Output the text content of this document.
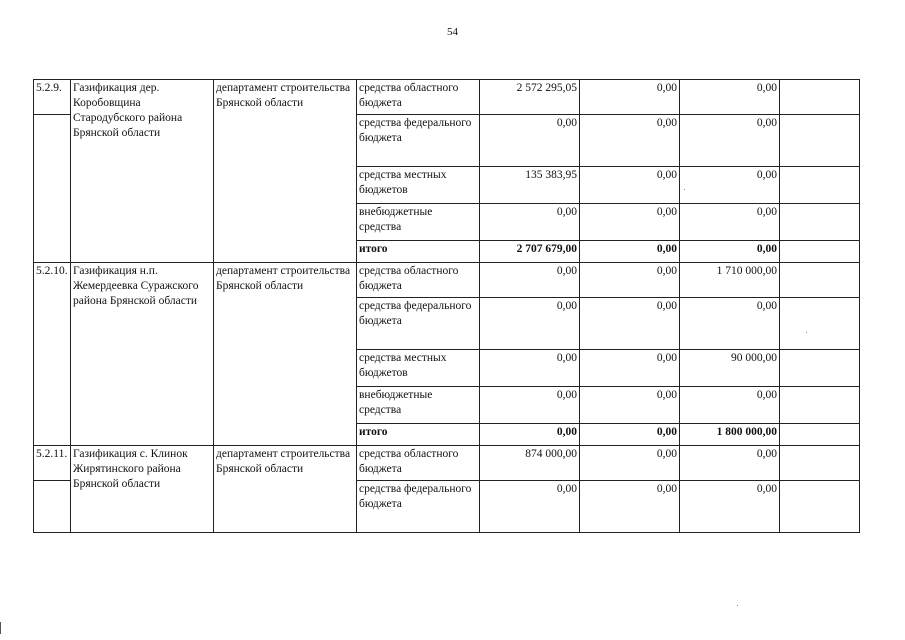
54
5.2.9.	Газификация дер. Коробовщина Стародубского района Брянской области	департамент строительства Брянской области	средства областного бюджета	2 572 295,05	0,00	0,00	
			средства федерального бюджета	0,00	0,00	0,00	
			средства местных бюджетов	135 383,95	0,00	0,00	
			внебюджетные средства	0,00	0,00	0,00	
			итого	2 707 679,00	0,00	0,00	
5.2.10.	Газификация н.п. Жемердеевка Суражского района Брянской области	департамент строительства Брянской области	средства областного бюджета	0,00	0,00	1 710 000,00	
			средства федерального бюджета	0,00	0,00	0,00	
			средства местных бюджетов	0,00	0,00	90 000,00	
			внебюджетные средства	0,00	0,00	0,00	
			итого	0,00	0,00	1 800 000,00	
5.2.11.	Газификация с. Клинок Жирятинского района Брянской области	департамент строительства Брянской области	средства областного бюджета	874 000,00	0,00	0,00	
			средства федерального бюджета	0,00	0,00	0,00	
